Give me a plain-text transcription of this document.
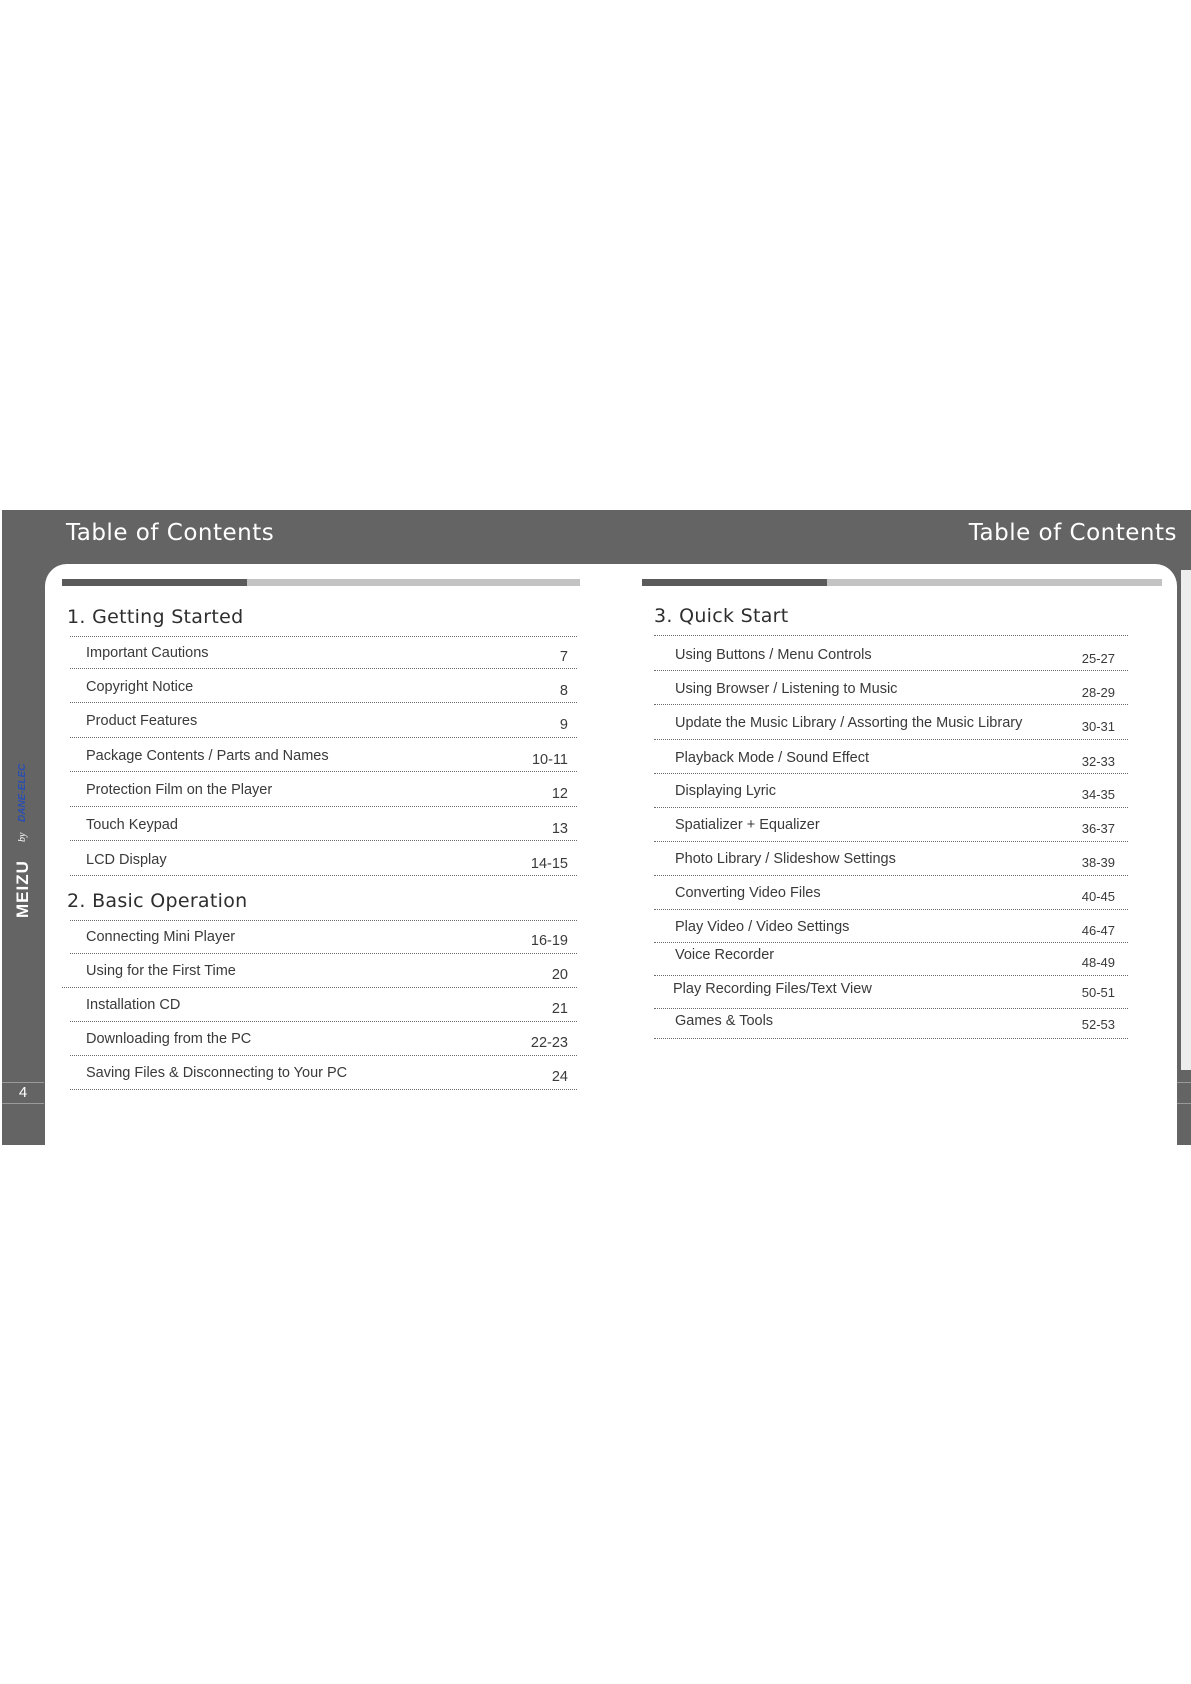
Table of Contents	Table of Contents
MEIZU
by
DANE-ELEC
4
1. Getting Started
Important Cautions	7
Copyright Notice	8
Product Features	9
Package Contents / Parts and Names	10-11
Protection Film on the Player	12
Touch Keypad	13
LCD Display	14-15
2. Basic Operation
Connecting Mini Player	16-19
Using for the First Time	20
Installation CD	21
Downloading from the PC	22-23
Saving Files & Disconnecting to Your PC	24
3. Quick Start
Using Buttons / Menu Controls	25-27
Using Browser / Listening to Music	28-29
Update the Music Library / Assorting the Music Library	30-31
Playback Mode / Sound Effect	32-33
Displaying Lyric	34-35
Spatializer + Equalizer	36-37
Photo Library / Slideshow Settings	38-39
Converting Video Files	40-45
Play Video / Video Settings	46-47
Voice Recorder	48-49
Play Recording Files/Text View	50-51
Games & Tools	52-53
